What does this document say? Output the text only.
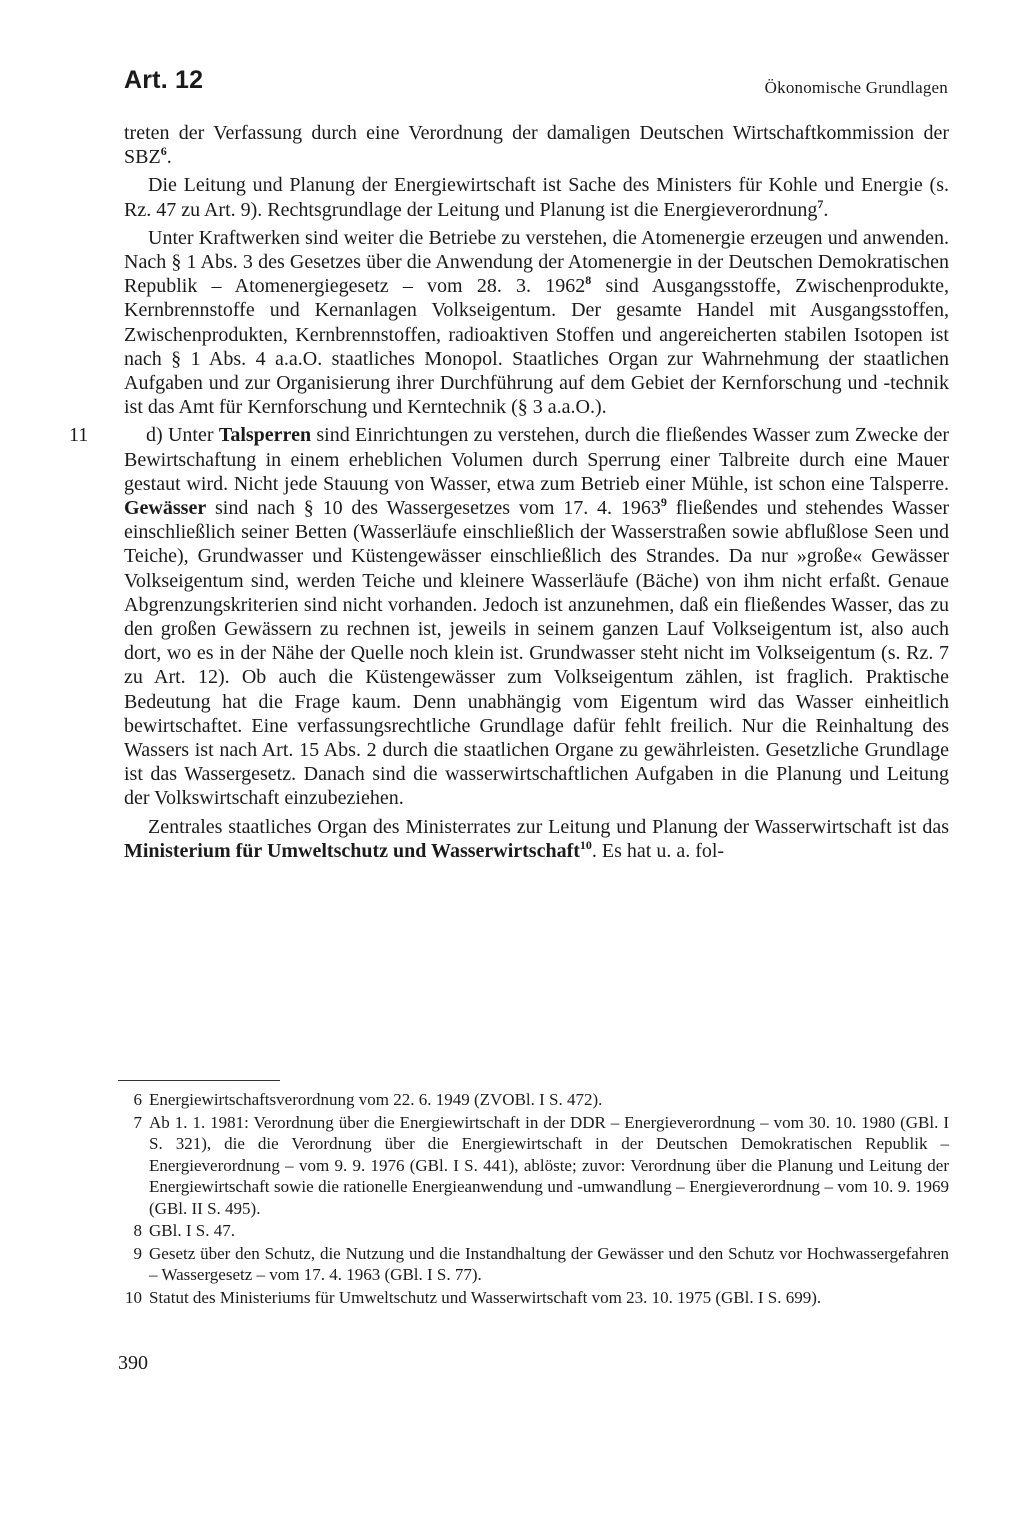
Art. 12	Ökonomische Grundlagen

treten der Verfassung durch eine Verordnung der damaligen Deutschen Wirtschaftkommission der SBZ$^6$.

Die Leitung und Planung der Energiewirtschaft ist Sache des Ministers für Kohle und Energie (s. Rz. 47 zu Art. 9). Rechtsgrundlage der Leitung und Planung ist die Energieverordnung$^7$.

Unter Kraftwerken sind weiter die Betriebe zu verstehen, die Atomenergie erzeugen und anwenden. Nach § 1 Abs. 3 des Gesetzes über die Anwendung der Atomenergie in der Deutschen Demokratischen Republik – Atomenergiegesetz – vom 28. 3. 1962$^8$ sind Ausgangsstoffe, Zwischenprodukte, Kernbrennstoffe und Kernanlagen Volkseigentum. Der gesamte Handel mit Ausgangsstoffen, Zwischenprodukten, Kernbrennstoffen, radioaktiven Stoffen und angereicherten stabilen Isotopen ist nach § 1 Abs. 4 a.a.O. staatliches Monopol. Staatliches Organ zur Wahrnehmung der staatlichen Aufgaben und zur Organisierung ihrer Durchführung auf dem Gebiet der Kernforschung und -technik ist das Amt für Kernforschung und Kerntechnik (§ 3 a.a.O.).

11	d) Unter Talsperren sind Einrichtungen zu verstehen, durch die fließendes Wasser zum Zwecke der Bewirtschaftung in einem erheblichen Volumen durch Sperrung einer Talbreite durch eine Mauer gestaut wird. Nicht jede Stauung von Wasser, etwa zum Betrieb einer Mühle, ist schon eine Talsperre. Gewässer sind nach § 10 des Wassergesetzes vom 17. 4. 1963$^9$ fließendes und stehendes Wasser einschließlich seiner Betten (Wasserläufe einschließlich der Wasserstraßen sowie abflußlose Seen und Teiche), Grundwasser und Küstengewässer einschließlich des Strandes. Da nur »große« Gewässer Volkseigentum sind, werden Teiche und kleinere Wasserläufe (Bäche) von ihm nicht erfaßt. Genaue Abgrenzungskriterien sind nicht vorhanden. Jedoch ist anzunehmen, daß ein fließendes Wasser, das zu den großen Gewässern zu rechnen ist, jeweils in seinem ganzen Lauf Volkseigentum ist, also auch dort, wo es in der Nähe der Quelle noch klein ist. Grundwasser steht nicht im Volkseigentum (s. Rz. 7 zu Art. 12). Ob auch die Küstengewässer zum Volkseigentum zählen, ist fraglich. Praktische Bedeutung hat die Frage kaum. Denn unabhängig vom Eigentum wird das Wasser einheitlich bewirtschaftet. Eine verfassungsrechtliche Grundlage dafür fehlt freilich. Nur die Reinhaltung des Wassers ist nach Art. 15 Abs. 2 durch die staatlichen Organe zu gewährleisten. Gesetzliche Grundlage ist das Wassergesetz. Danach sind die wasserwirtschaftlichen Aufgaben in die Planung und Leitung der Volkswirtschaft einzubeziehen.

Zentrales staatliches Organ des Ministerrates zur Leitung und Planung der Wasserwirtschaft ist das Ministerium für Umweltschutz und Wasserwirtschaft$^{10}$. Es hat u. a. fol-

6 Energiewirtschaftsverordnung vom 22. 6. 1949 (ZVOBl. I S. 472).
7 Ab 1. 1. 1981: Verordnung über die Energiewirtschaft in der DDR – Energieverordnung – vom 30. 10. 1980 (GBl. I S. 321), die die Verordnung über die Energiewirtschaft in der Deutschen Demokratischen Republik – Energieverordnung – vom 9. 9. 1976 (GBl. I S. 441), ablöste; zuvor: Verordnung über die Planung und Leitung der Energiewirtschaft sowie die rationelle Energieanwendung und -umwandlung – Energieverordnung – vom 10. 9. 1969 (GBl. II S. 495).
8 GBl. I S. 47.
9 Gesetz über den Schutz, die Nutzung und die Instandhaltung der Gewässer und den Schutz vor Hochwassergefahren – Wassergesetz – vom 17. 4. 1963 (GBl. I S. 77).
10 Statut des Ministeriums für Umweltschutz und Wasserwirtschaft vom 23. 10. 1975 (GBl. I S. 699).
390
